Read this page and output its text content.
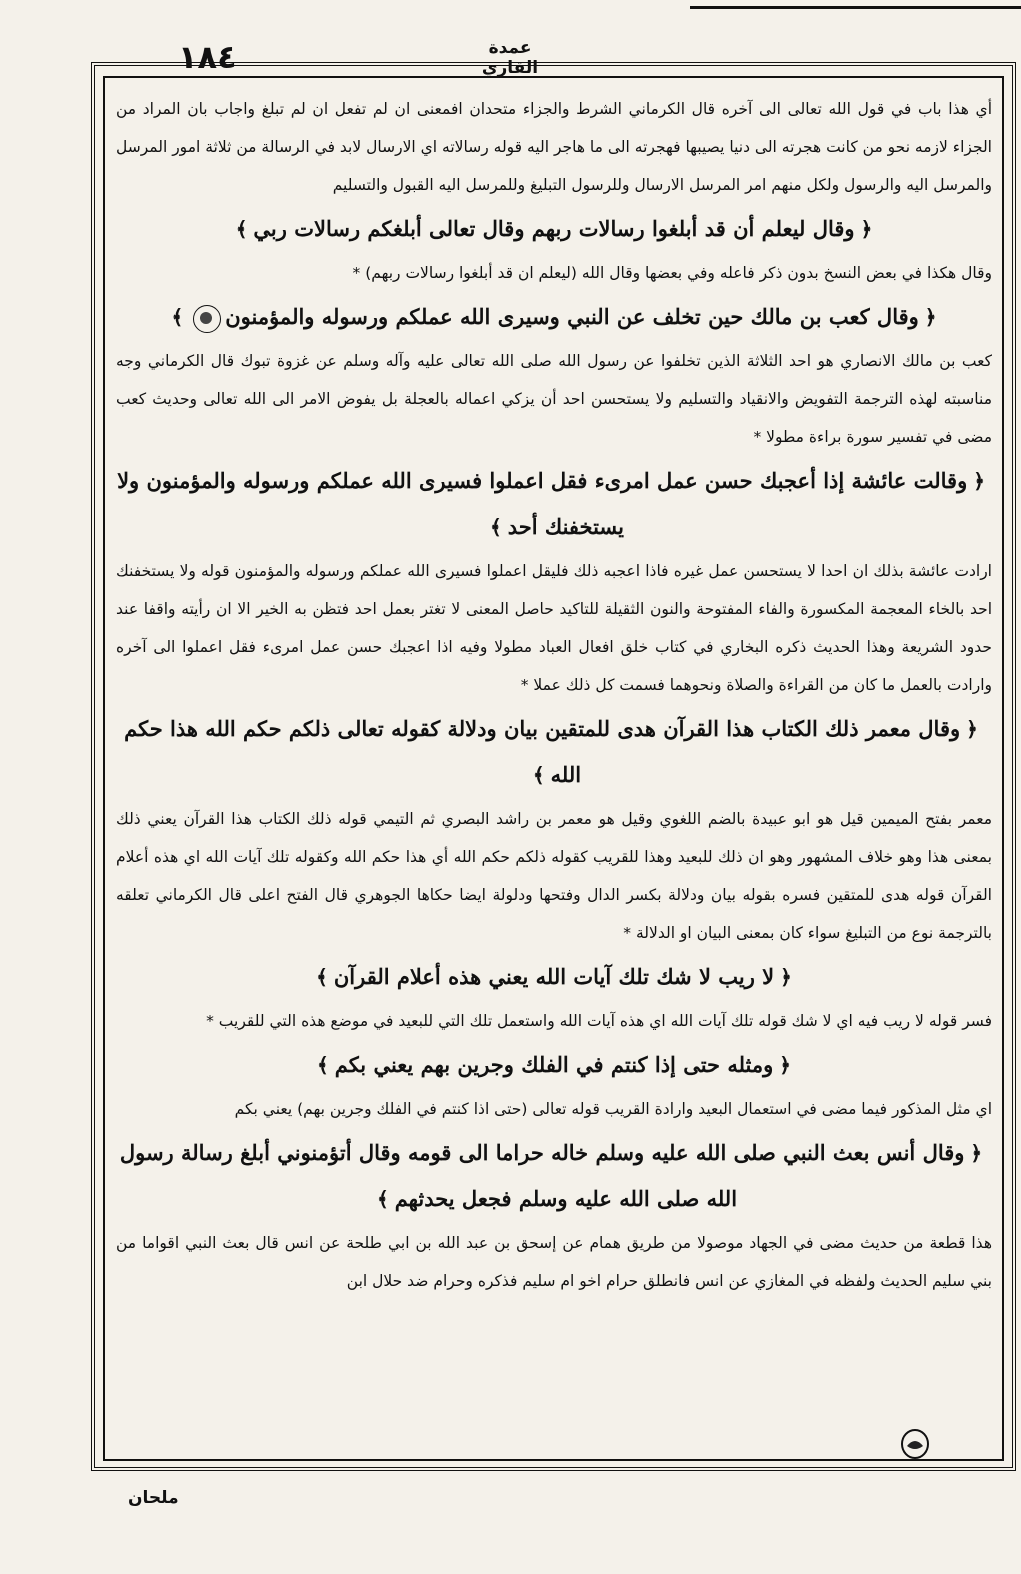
١٨٤	عمدة القاري

أي هذا باب في قول الله تعالى الى آخره قال الكرماني الشرط والجزاء متحدان افمعنى ان لم تفعل ان لم تبلغ واجاب بان المراد من الجزاء لازمه نحو من كانت هجرته الى دنيا يصيبها فهجرته الى ما هاجر اليه قوله رسالاته اي الارسال لابد في الرسالة من ثلاثة امور المرسل والمرسل اليه والرسول ولكل منهم امر المرسل الارسال وللرسول التبليغ وللمرسل اليه القبول والتسليم

﴿وقال ليعلم أن قد أبلغوا رسالات ربهم وقال تعالى أبلغكم رسالات ربي﴾

وقال هكذا في بعض النسخ بدون ذكر فاعله وفي بعضها وقال الله (ليعلم ان قد أبلغوا رسالات ربهم) *

﴿وقال كعب بن مالك حين تخلف عن النبي وسيرى الله عملكم ورسوله والمؤمنون﴾

كعب بن مالك الانصاري هو احد الثلاثة الذين تخلفوا عن رسول الله صلى الله تعالى عليه وآله وسلم عن غزوة تبوك قال الكرماني وجه مناسبته لهذه الترجمة التفويض والانقياد والتسليم ولا يستحسن احد أن يزكي اعماله بالعجلة بل يفوض الامر الى الله تعالى وحديث كعب مضى في تفسير سورة براءة مطولا *

﴿وقالت عائشة إذا أعجبك حسن عمل امرىء فقل اعملوا فسيرى الله عملكم ورسوله والمؤمنون ولا يستخفنك أحد﴾

ارادت عائشة بذلك ان احدا لا يستحسن عمل غيره فاذا اعجبه ذلك فليقل اعملوا فسيرى الله عملكم ورسوله والمؤمنون قوله ولا يستخفنك احد بالخاء المعجمة المكسورة والفاء المفتوحة والنون الثقيلة للتاكيد حاصل المعنى لا تغتر بعمل احد فتظن به الخير الا ان رأيته واقفا عند حدود الشريعة وهذا الحديث ذكره البخاري في كتاب خلق افعال العباد مطولا وفيه اذا اعجبك حسن عمل امرىء فقل اعملوا الى آخره وارادت بالعمل ما كان من القراءة والصلاة ونحوهما فسمت كل ذلك عملا *

﴿وقال معمر ذلك الكتاب هذا القرآن هدى للمتقين بيان ودلالة كقوله تعالى ذلكم حكم الله هذا حكم الله﴾

معمر بفتح الميمين قيل هو ابو عبيدة بالضم اللغوي وقيل هو معمر بن راشد البصري ثم التيمي قوله ذلك الكتاب هذا القرآن يعني ذلك بمعنى هذا وهو خلاف المشهور وهو ان ذلك للبعيد وهذا للقريب كقوله ذلكم حكم الله أي هذا حكم الله وكقوله تلك آيات الله اي هذه أعلام القرآن قوله هدى للمتقين فسره بقوله بيان ودلالة بكسر الدال وفتحها ودلولة ايضا حكاها الجوهري قال الفتح اعلى قال الكرماني تعلقه بالترجمة نوع من التبليغ سواء كان بمعنى البيان او الدلالة *

﴿لا ريب لا شك تلك آيات الله يعني هذه أعلام القرآن﴾

فسر قوله لا ريب فيه اي لا شك قوله تلك آيات الله اي هذه آيات الله واستعمل تلك التي للبعيد في موضع هذه التي للقريب *

﴿ومثله حتى إذا كنتم في الفلك وجرين بهم يعني بكم﴾

اي مثل المذكور فيما مضى في استعمال البعيد وارادة القريب قوله تعالى (حتى اذا كنتم في الفلك وجرين بهم) يعني بكم

﴿وقال أنس بعث النبي صلى الله عليه وسلم خاله حراما الى قومه وقال أتؤمنوني أبلغ رسالة رسول الله صلى الله عليه وسلم فجعل يحدثهم﴾

هذا قطعة من حديث مضى في الجهاد موصولا من طريق همام عن إسحق بن عبد الله بن ابي طلحة عن انس قال بعث النبي اقواما من بني سليم الحديث ولفظه في المغازي عن انس فانطلق حرام اخو ام سليم فذكره وحرام ضد حلال ابن

ملحان
